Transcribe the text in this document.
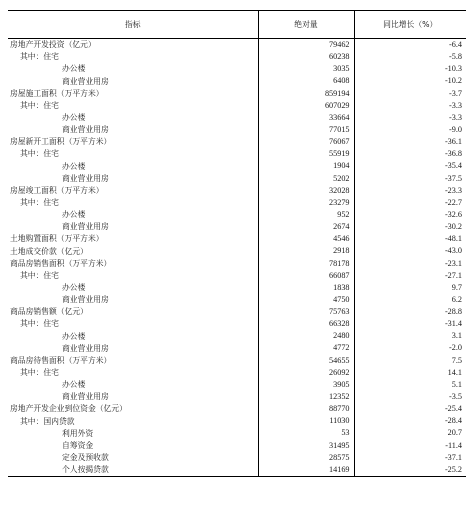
指标	绝对量	同比增长（%）
房地产开发投资（亿元）	79462	-6.4
其中：住宅	60238	-5.8
办公楼	3035	-10.3
商业营业用房	6408	-10.2
房屋施工面积（万平方米）	859194	-3.7
其中：住宅	607029	-3.3
办公楼	33664	-3.3
商业营业用房	77015	-9.0
房屋新开工面积（万平方米）	76067	-36.1
其中：住宅	55919	-36.8
办公楼	1904	-35.4
商业营业用房	5202	-37.5
房屋竣工面积（万平方米）	32028	-23.3
其中：住宅	23279	-22.7
办公楼	952	-32.6
商业营业用房	2674	-30.2
土地购置面积（万平方米）	4546	-48.1
土地成交价款（亿元）	2918	-43.0
商品房销售面积（万平方米）	78178	-23.1
其中：住宅	66087	-27.1
办公楼	1838	9.7
商业营业用房	4750	6.2
商品房销售额（亿元）	75763	-28.8
其中：住宅	66328	-31.4
办公楼	2480	3.1
商业营业用房	4772	-2.0
商品房待售面积（万平方米）	54655	7.5
其中：住宅	26092	14.1
办公楼	3905	5.1
商业营业用房	12352	-3.5
房地产开发企业到位资金（亿元）	88770	-25.4
其中：国内贷款	11030	-28.4
利用外资	53	20.7
自筹资金	31495	-11.4
定金及预收款	28575	-37.1
个人按揭贷款	14169	-25.2
